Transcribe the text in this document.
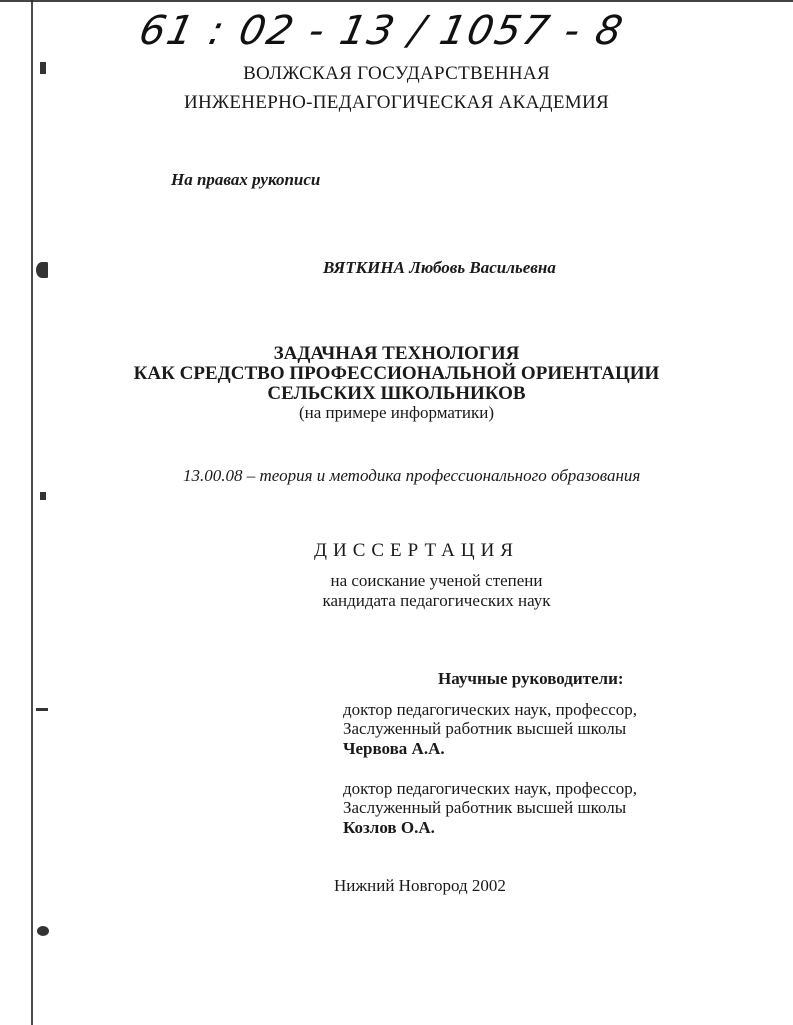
61 : 02 - 13 / 1057 - 8
ВОЛЖСКАЯ ГОСУДАРСТВЕННАЯ
ИНЖЕНЕРНО-ПЕДАГОГИЧЕСКАЯ АКАДЕМИЯ
На правах рукописи
ВЯТКИНА Любовь Васильевна
ЗАДАЧНАЯ ТЕХНОЛОГИЯ
КАК СРЕДСТВО ПРОФЕССИОНАЛЬНОЙ ОРИЕНТАЦИИ
СЕЛЬСКИХ ШКОЛЬНИКОВ
(на примере информатики)
13.00.08 – теория и методика профессионального образования
ДИССЕРТАЦИЯ
на соискание ученой степени
кандидата педагогических наук
Научные руководители:
доктор педагогических наук, профессор,
Заслуженный работник высшей школы
Червова А.А.
доктор педагогических наук, профессор,
Заслуженный работник высшей школы
Козлов О.А.
Нижний Новгород 2002
